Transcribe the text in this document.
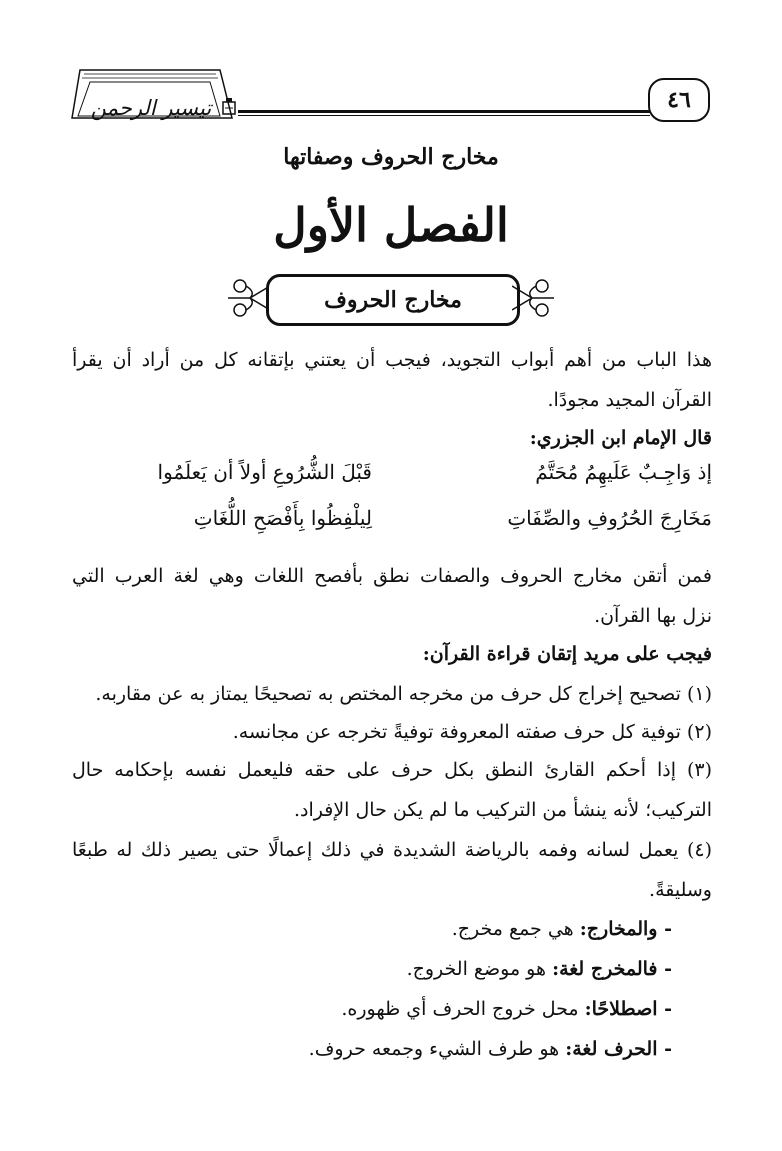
تيسير الرحمن	٤٦
مخارج الحروف وصفاتها
الفصل الأول
مخارج الحروف
هذا الباب من أهم أبواب التجويد، فيجب أن يعتني بإتقانه كل من أراد أن يقرأ
القرآن المجيد مجودًا.
قال الإمام ابن الجزري:
إذ وَاجِـبٌ عَلَيهِمُ مُحَتَّمُ
قَبْلَ الشُّرُوعِ أولاً أن يَعلَمُوا
مَخَارِجَ الحُرُوفِ والصِّفَاتِ
لِيلْفِظُوا بِأَفْصَحِ اللُّغَاتِ
فمن أتقن مخارج الحروف والصفات نطق بأفصح اللغات وهي لغة العرب التي
نزل بها القرآن.
فيجب على مريد إتقان قراءة القرآن:
(١) تصحيح إخراج كل حرف من مخرجه المختص به تصحيحًا يمتاز به عن مقاربه.
(٢) توفية كل حرف صفته المعروفة توفيةً تخرجه عن مجانسه.
(٣) إذا أحكم القارئ النطق بكل حرف على حقه فليعمل نفسه بإحكامه حال
التركيب؛ لأنه ينشأ من التركيب ما لم يكن حال الإفراد.
(٤) يعمل لسانه وفمه بالرياضة الشديدة في ذلك إعمالًا حتى يصير ذلك له طبعًا
وسليقةً.
- والمخارج: هي جمع مخرج.
- فالمخرج لغة: هو موضع الخروج.
- اصطلاحًا: محل خروج الحرف أي ظهوره.
- الحرف لغة: هو طرف الشيء وجمعه حروف.
